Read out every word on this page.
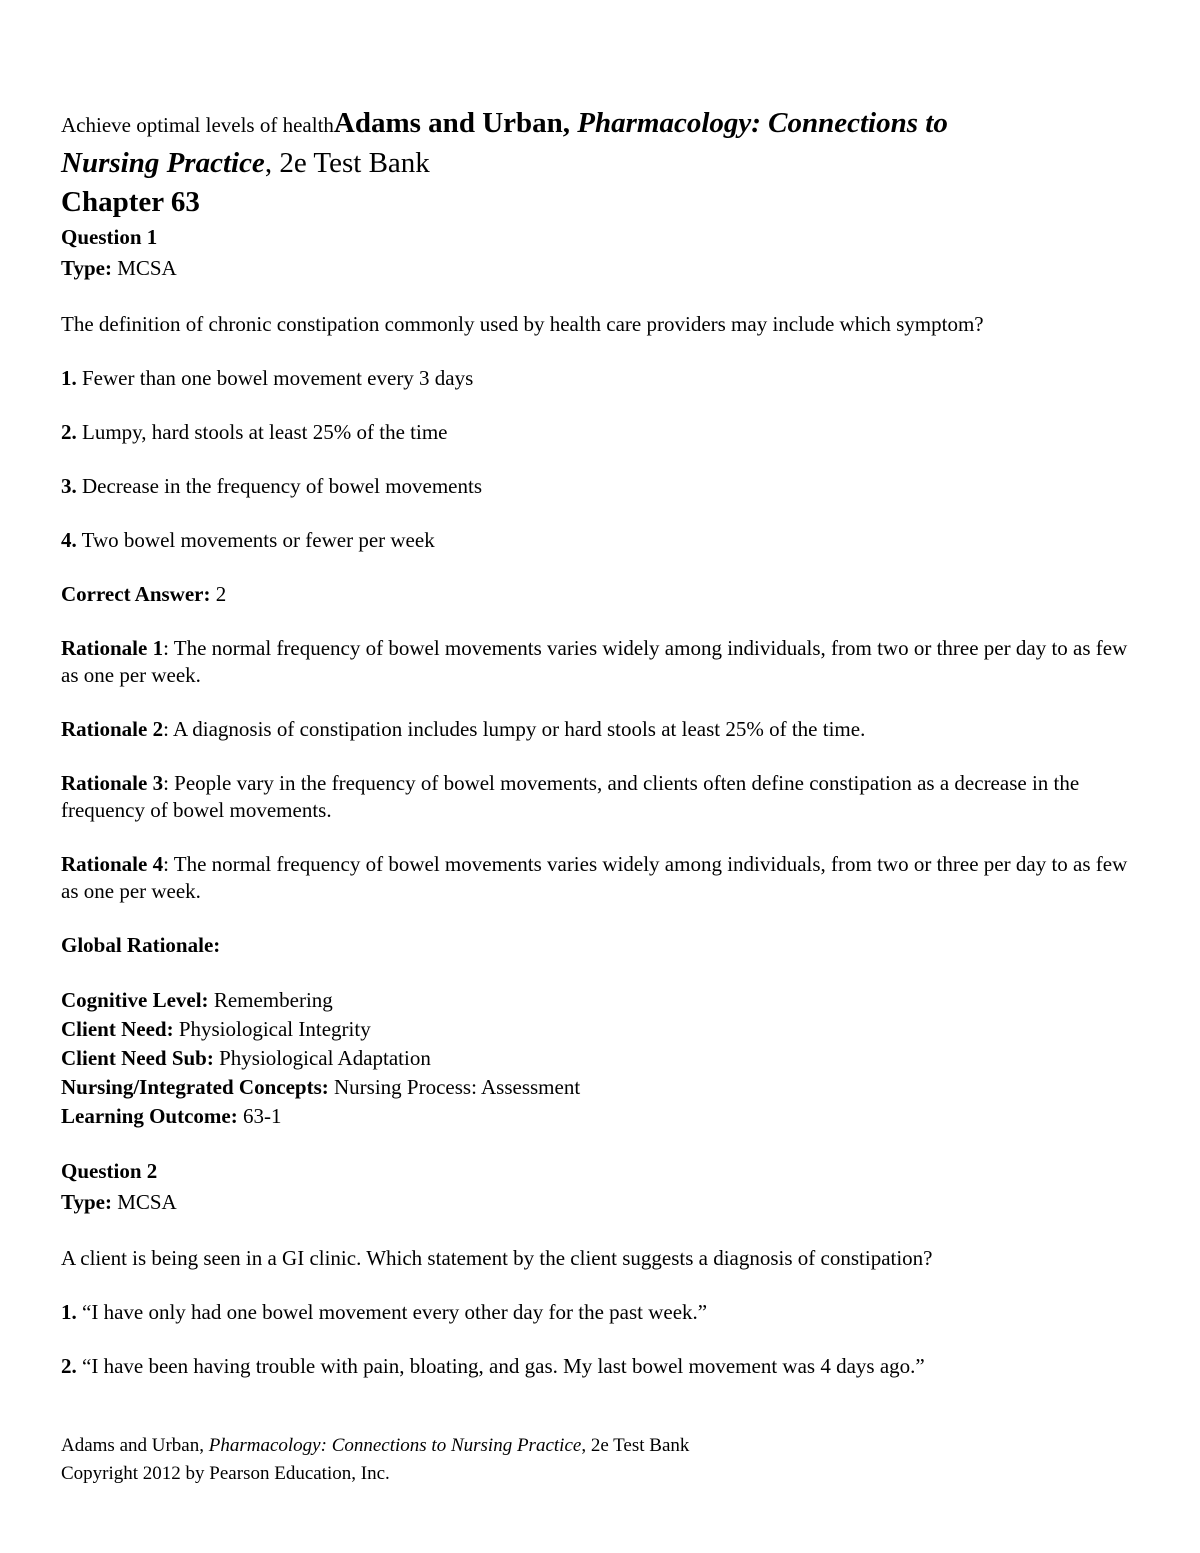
Achieve optimal levels of healthAdams and Urban, Pharmacology: Connections to
Nursing Practice, 2e Test Bank
Chapter 63
Question 1
Type: MCSA

The definition of chronic constipation commonly used by health care providers may include which symptom?

1. Fewer than one bowel movement every 3 days

2. Lumpy, hard stools at least 25% of the time

3. Decrease in the frequency of bowel movements

4. Two bowel movements or fewer per week

Correct Answer: 2

Rationale 1: The normal frequency of bowel movements varies widely among individuals, from two or three per day to as few as one per week.

Rationale 2: A diagnosis of constipation includes lumpy or hard stools at least 25% of the time.

Rationale 3: People vary in the frequency of bowel movements, and clients often define constipation as a decrease in the frequency of bowel movements.

Rationale 4: The normal frequency of bowel movements varies widely among individuals, from two or three per day to as few as one per week.

Global Rationale:

Cognitive Level: Remembering

Client Need: Physiological Integrity

Client Need Sub: Physiological Adaptation

Nursing/Integrated Concepts: Nursing Process: Assessment

Learning Outcome: 63-1

Question 2
Type: MCSA

A client is being seen in a GI clinic. Which statement by the client suggests a diagnosis of constipation?

1. “I have only had one bowel movement every other day for the past week.”

2. “I have been having trouble with pain, bloating, and gas. My last bowel movement was 4 days ago.”

Adams and Urban, Pharmacology: Connections to Nursing Practice, 2e Test Bank
Copyright 2012 by Pearson Education, Inc.
